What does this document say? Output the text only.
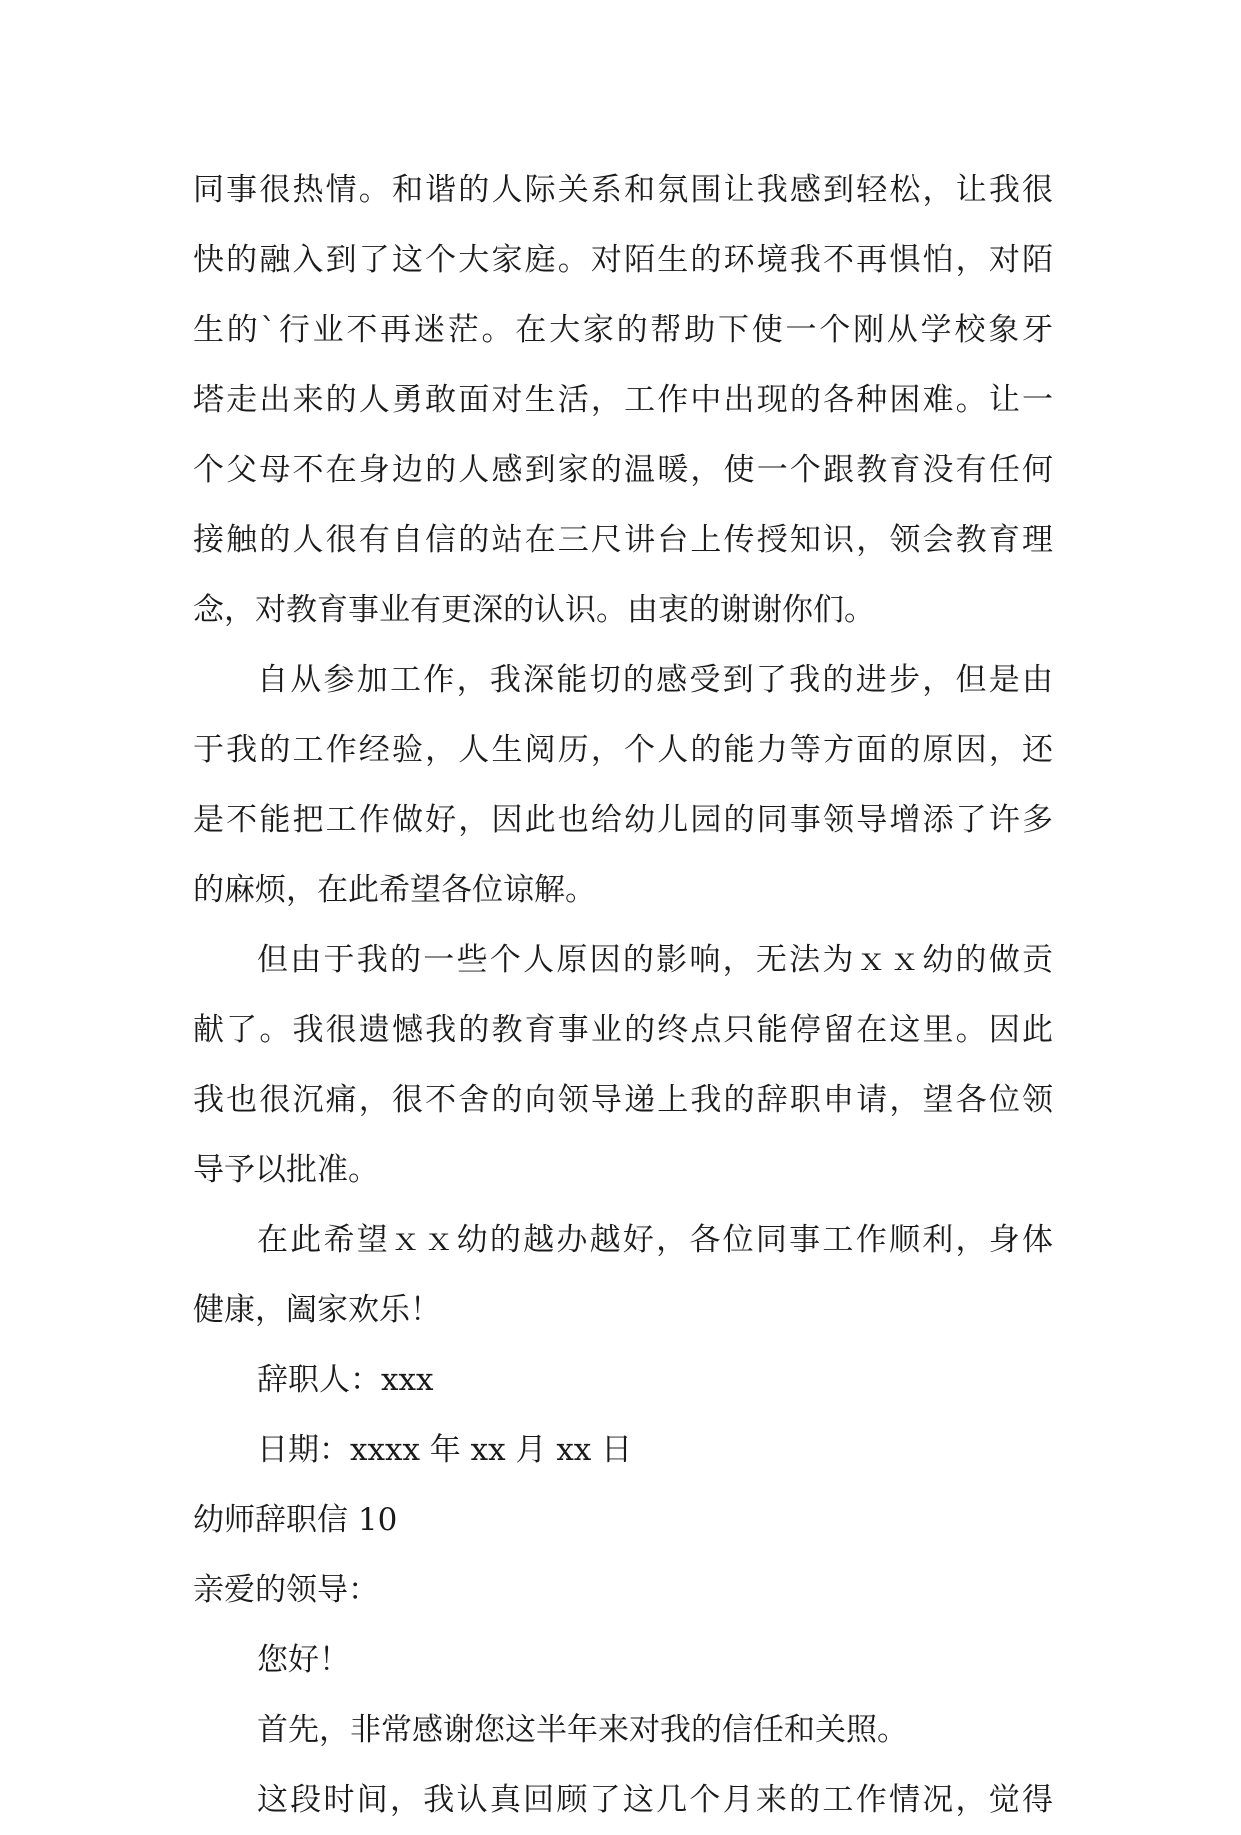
同事很热情。和谐的人际关系和氛围让我感到轻松，让我很
快的融入到了这个大家庭。对陌生的环境我不再惧怕，对陌
生的`行业不再迷茫。在大家的帮助下使一个刚从学校象牙
塔走出来的人勇敢面对生活，工作中出现的各种困难。让一
个父母不在身边的人感到家的温暖，使一个跟教育没有任何
接触的人很有自信的站在三尺讲台上传授知识，领会教育理
念，对教育事业有更深的认识。由衷的谢谢你们。
自从参加工作，我深能切的感受到了我的进步，但是由
于我的工作经验，人生阅历，个人的能力等方面的原因，还
是不能把工作做好，因此也给幼儿园的同事领导增添了许多
的麻烦，在此希望各位谅解。
但由于我的一些个人原因的影响，无法为ｘｘ幼的做贡
献了。我很遗憾我的教育事业的终点只能停留在这里。因此
我也很沉痛，很不舍的向领导递上我的辞职申请，望各位领
导予以批准。
在此希望ｘｘ幼的越办越好，各位同事工作顺利，身体
健康，阖家欢乐！
辞职人：xxx
日期：xxxx 年 xx 月 xx 日
幼师辞职信 10
亲爱的领导：
您好！
首先，非常感谢您这半年来对我的信任和关照。
这段时间，我认真回顾了这几个月来的工作情况，觉得
